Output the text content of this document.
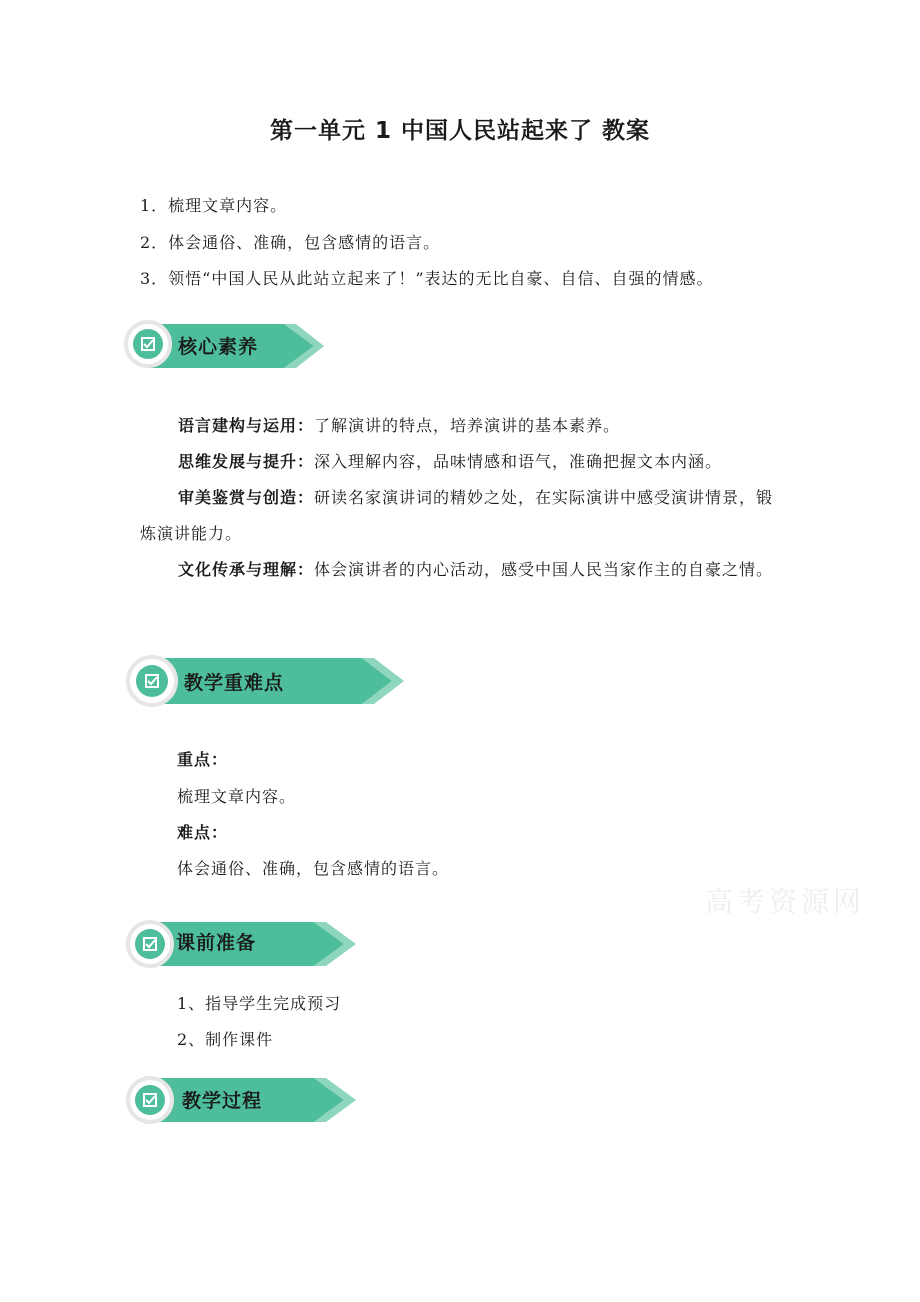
第一单元 1 中国人民站起来了 教案
1．梳理文章内容。
2．体会通俗、准确，包含感情的语言。
3．领悟“中国人民从此站立起来了！”表达的无比自豪、自信、自强的情感。
核心素养
语言建构与运用：了解演讲的特点，培养演讲的基本素养。
思维发展与提升：深入理解内容，品味情感和语气，准确把握文本内涵。
审美鉴赏与创造：研读名家演讲词的精妙之处，在实际演讲中感受演讲情景，锻炼演讲能力。
文化传承与理解：体会演讲者的内心活动，感受中国人民当家作主的自豪之情。
教学重难点
重点：
梳理文章内容。
难点：
体会通俗、准确，包含感情的语言。
高考资源网
课前准备
1、指导学生完成预习
2、制作课件
教学过程
